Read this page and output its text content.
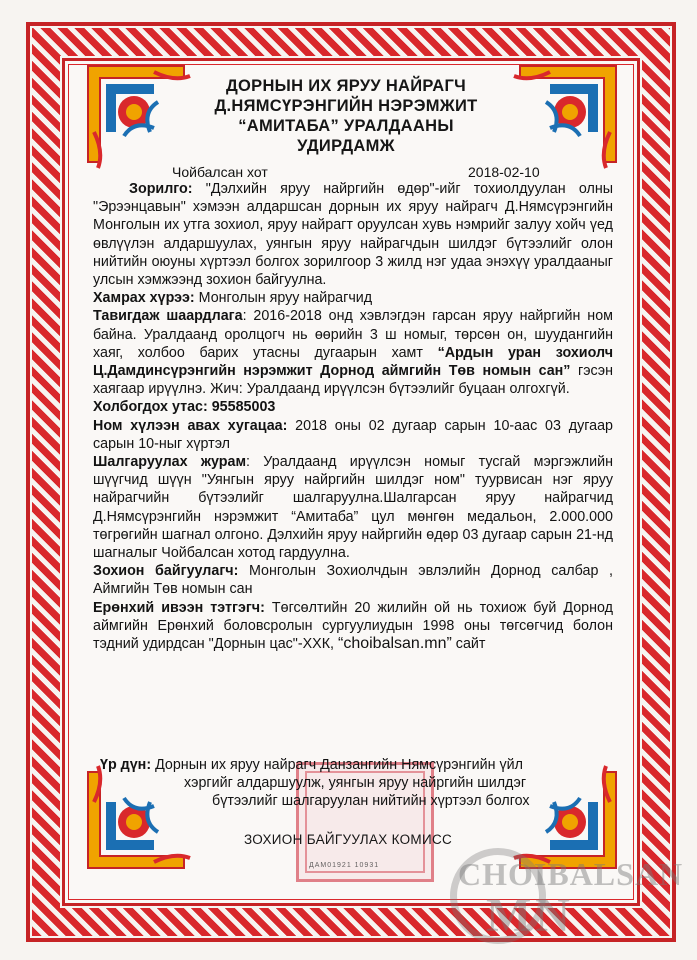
ДОРНЫН ИХ ЯРУУ НАЙРАГЧ
Д.НЯМСҮРЭНГИЙН НЭРЭМЖИТ
“АМИТАБА” УРАЛДААНЫ
УДИРДАМЖ
Чойбалсан хот	2018-02-10

Зорилго: "Дэлхийн яруу найргийн өдөр"-ийг тохиолдуулан олны "Эрээнцавын" хэмээн алдаршсан дорнын их яруу найрагч Д.Нямсүрэнгийн Монголын их утга зохиол, яруу найрагт оруулсан хувь нэмрийг залуу хойч үед өвлүүлэн алдаршуулах, уянгын яруу найрагчдын шилдэг бүтээлийг олон нийтийн оюуны хүртээл болгох зорилгоор 3 жилд нэг удаа энэхүү уралдааныг улсын хэмжээнд зохион байгуулна.

Хамрах хүрээ: Монголын яруу найрагчид

Тавигдаж шаардлага: 2016-2018 онд хэвлэгдэн гарсан яруу найргийн ном байна. Уралдаанд оролцогч нь өөрийн 3 ш номыг, төрсөн он, шуудангийн хаяг, холбоо барих утасны дугаарын хамт “Ардын уран зохиолч Ц.Дамдинсүрэнгийн нэрэмжит Дорнод аймгийн Төв номын сан” гэсэн хаягаар ирүүлнэ. Жич: Уралдаанд ирүүлсэн бүтээлийг буцаан олгохгүй.

Холбогдох утас: 95585003

Ном хүлээн авах хугацаа: 2018 оны 02 дугаар сарын 10-аас 03 дугаар сарын 10-ныг хүртэл

Шалгаруулах журам: Уралдаанд ирүүлсэн номыг тусгай мэргэжлийн шүүгчид шүүн "Уянгын яруу найргийн шилдэг ном" туурвисан нэг яруу найрагчийн бүтээлийг шалгаруулна.Шалгарсан яруу найрагчид Д.Нямсүрэнгийн нэрэмжит “Амитаба” цул мөнгөн медальон, 2.000.000 төгрөгийн шагнал олгоно. Дэлхийн яруу найргийн өдөр 03 дугаар сарын 21-нд шагналыг Чойбалсан хотод гардуулна.

Зохион байгуулагч: Монголын Зохиолчдын эвлэлийн Дорнод салбар , Аймгийн Төв номын сан

Ерөнхий ивээн тэтгэгч: Төгсөлтийн 20 жилийн ой нь тохиож буй Дорнод аймгийн Ерөнхий боловсролын сургуулиудын 1998 оны төгсөгчид болон тэдний удирдсан "Дорнын цас"-ХХК, “choibalsan.mn” сайт

ДАМ01921 10931
Үр дүн: Дорнын их яруу найрагч Данзангийн Нямсүрэнгийн үйл
хэргийг алдаршуулж, уянгын яруу найргийн шилдэг
бүтээлийг шалгаруулан нийтийн хүртээл болгох
ЗОХИОН БАЙГУУЛАХ КОМИСС
CHOIBALSAN
MN
